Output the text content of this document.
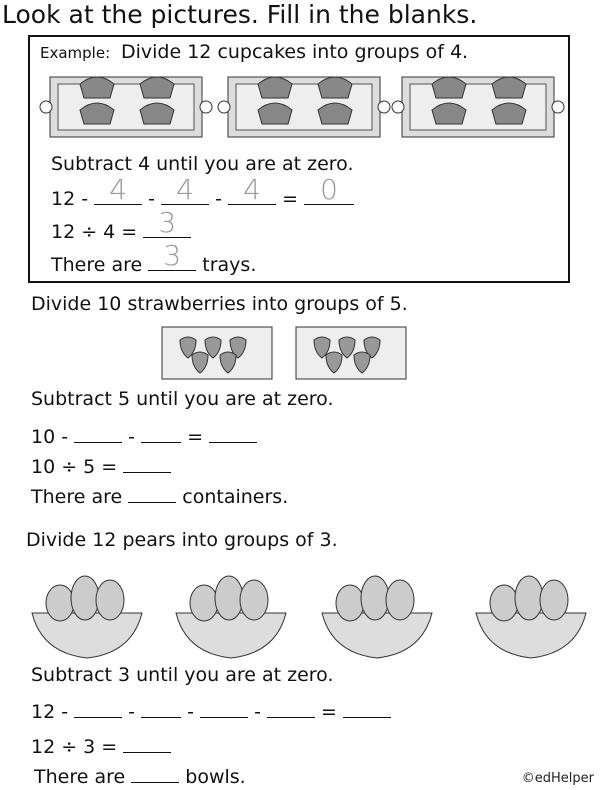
Look at the pictures. Fill in the blanks.
Example: Divide 12 cupcakes into groups of 4.
Subtract 4 until you are at zero.
12 - 4	- 4	- 4	= 0
12 ÷ 4 = 3
There are 3	trays.
Divide 10 strawberries into groups of 5.
Subtract 5 until you are at zero.
10 -	-	=
10 ÷ 5 =
There are	containers.
Divide 12 pears into groups of 3.
Subtract 3 until you are at zero.
12 -	-	-	-	=
12 ÷ 3 =
There are	bowls.	©edHelper
